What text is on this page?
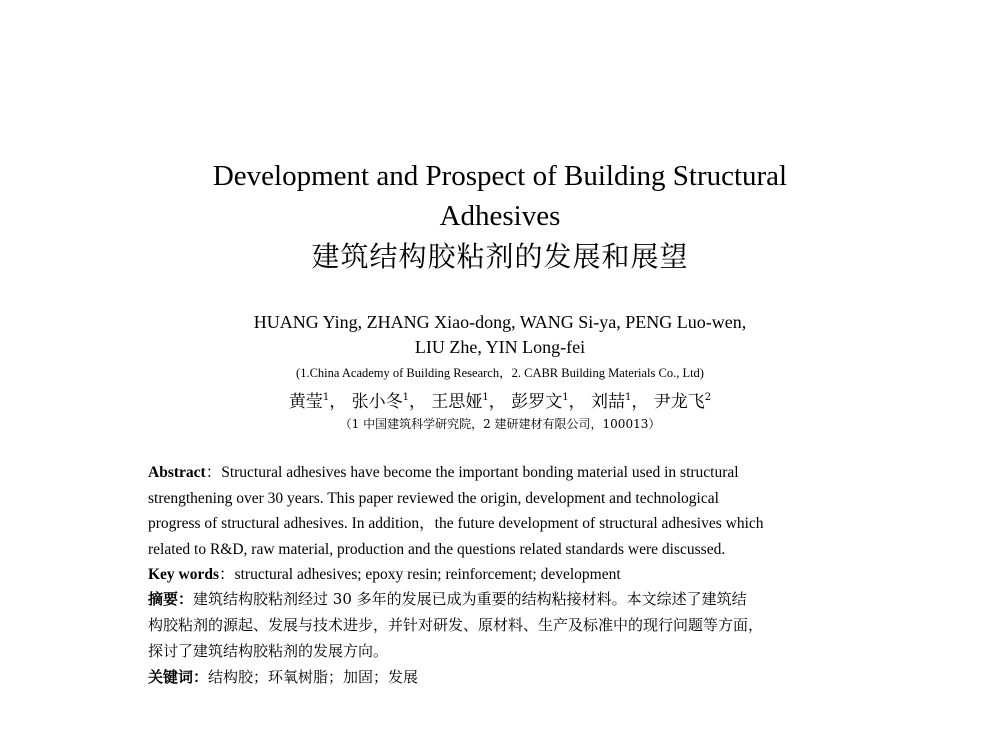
Development and Prospect of Building Structural
Adhesives
建筑结构胶粘剂的发展和展望
HUANG Ying, ZHANG Xiao-dong, WANG Si-ya, PENG Luo-wen,
LIU Zhe, YIN Long-fei
(1.China Academy of Building Research，2. CABR Building Materials Co., Ltd)
黄莹$^1$， 张小冬$^1$， 王思娅$^1$， 彭罗文$^1$， 刘喆$^1$， 尹龙飞$^2$
（1 中国建筑科学研究院，2 建研建材有限公司，100013）
Abstract：Structural adhesives have become the important bonding material used in structural
strengthening over 30 years. This paper reviewed the origin, development and technological
progress of structural adhesives. In addition，the future development of structural adhesives which
related to R&D, raw material, production and the questions related standards were discussed.
Key words：structural adhesives; epoxy resin; reinforcement; development
摘要：建筑结构胶粘剂经过 30 多年的发展已成为重要的结构粘接材料。本文综述了建筑结
构胶粘剂的源起、发展与技术进步，并针对研发、原材料、生产及标准中的现行问题等方面，
探讨了建筑结构胶粘剂的发展方向。
关键词：结构胶；环氧树脂；加固；发展
